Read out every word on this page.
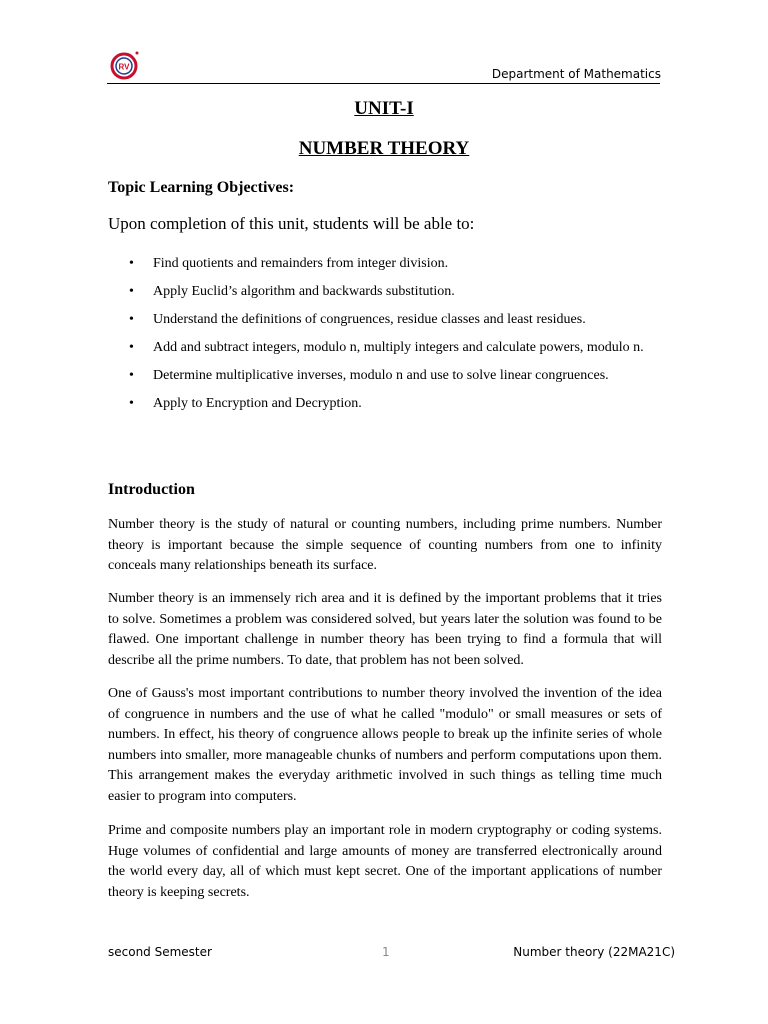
RV	Department of Mathematics
UNIT-I
NUMBER THEORY
Topic Learning Objectives:
Upon completion of this unit, students will be able to:
• Find quotients and remainders from integer division.
• Apply Euclid’s algorithm and backwards substitution.
• Understand the definitions of congruences, residue classes and least residues.
• Add and subtract integers, modulo n, multiply integers and calculate powers, modulo n.
• Determine multiplicative inverses, modulo n and use to solve linear congruences.
• Apply to Encryption and Decryption.
Introduction

Number theory is the study of natural or counting numbers, including prime numbers. Number theory is important because the simple sequence of counting numbers from one to infinity conceals many relationships beneath its surface.

Number theory is an immensely rich area and it is defined by the important problems that it tries to solve. Sometimes a problem was considered solved, but years later the solution was found to be flawed. One important challenge in number theory has been trying to find a formula that will describe all the prime numbers. To date, that problem has not been solved.

One of Gauss's most important contributions to number theory involved the invention of the idea of congruence in numbers and the use of what he called "modulo" or small measures or sets of numbers. In effect, his theory of congruence allows people to break up the infinite series of whole numbers into smaller, more manageable chunks of numbers and perform computations upon them. This arrangement makes the everyday arithmetic involved in such things as telling time much easier to program into computers.

Prime and composite numbers play an important role in modern cryptography or coding systems. Huge volumes of confidential and large amounts of money are transferred electronically around the world every day, all of which must kept secret. One of the important applications of number theory is keeping secrets.

second Semester	1	Number theory (22MA21C)
